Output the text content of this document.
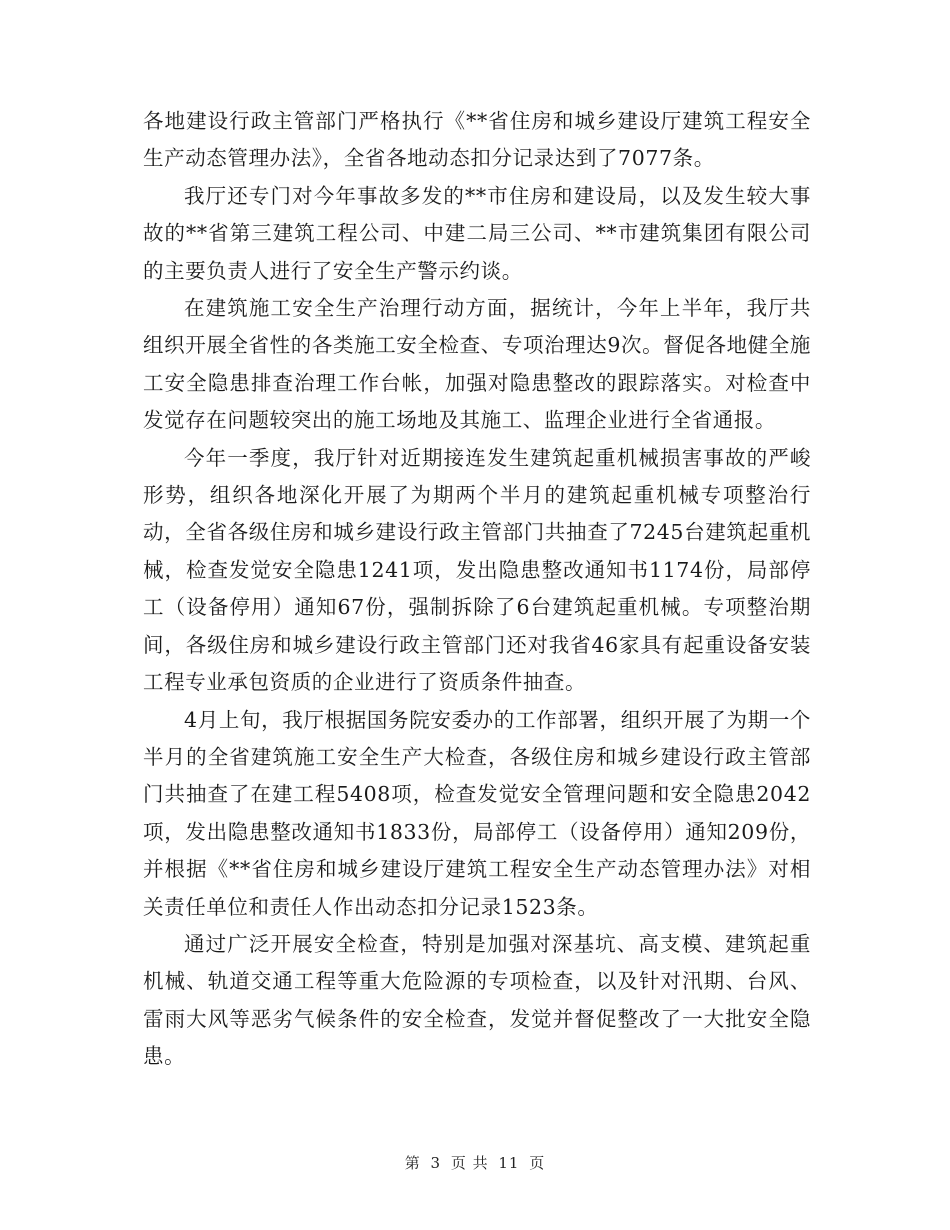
各地建设行政主管部门严格执行《**省住房和城乡建设厅建筑工程安全生产动态管理办法》，全省各地动态扣分记录达到了7077条。

我厅还专门对今年事故多发的**市住房和建设局，以及发生较大事故的**省第三建筑工程公司、中建二局三公司、**市建筑集团有限公司的主要负责人进行了安全生产警示约谈。

在建筑施工安全生产治理行动方面，据统计，今年上半年，我厅共组织开展全省性的各类施工安全检查、专项治理达9次。督促各地健全施工安全隐患排查治理工作台帐，加强对隐患整改的跟踪落实。对检查中发觉存在问题较突出的施工场地及其施工、监理企业进行全省通报。

今年一季度，我厅针对近期接连发生建筑起重机械损害事故的严峻形势，组织各地深化开展了为期两个半月的建筑起重机械专项整治行动，全省各级住房和城乡建设行政主管部门共抽查了7245台建筑起重机械，检查发觉安全隐患1241项，发出隐患整改通知书1174份，局部停工（设备停用）通知67份，强制拆除了6台建筑起重机械。专项整治期间，各级住房和城乡建设行政主管部门还对我省46家具有起重设备安装工程专业承包资质的企业进行了资质条件抽查。

4月上旬，我厅根据国务院安委办的工作部署，组织开展了为期一个半月的全省建筑施工安全生产大检查，各级住房和城乡建设行政主管部门共抽查了在建工程5408项，检查发觉安全管理问题和安全隐患2042项，发出隐患整改通知书1833份，局部停工（设备停用）通知209份，并根据《**省住房和城乡建设厅建筑工程安全生产动态管理办法》对相关责任单位和责任人作出动态扣分记录1523条。

通过广泛开展安全检查，特别是加强对深基坑、高支模、建筑起重机械、轨道交通工程等重大危险源的专项检查，以及针对汛期、台风、雷雨大风等恶劣气候条件的安全检查，发觉并督促整改了一大批安全隐患。

第 3 页 共 11 页
